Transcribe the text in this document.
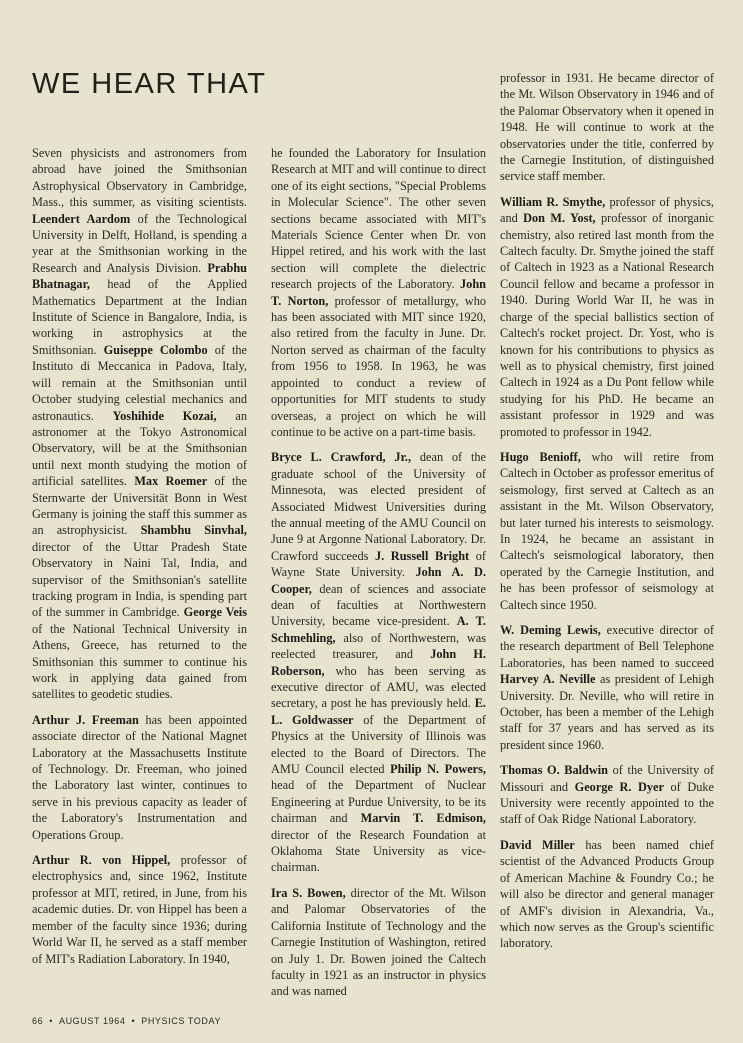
WE HEAR THAT

Seven physicists and astronomers from abroad have joined the Smithsonian Astrophysical Observatory in Cambridge, Mass., this summer, as visiting scientists. Leendert Aardom of the Technological University in Delft, Holland, is spending a year at the Smithsonian working in the Research and Analysis Division. Prabhu Bhatnagar, head of the Applied Mathematics Department at the Indian Institute of Science in Bangalore, India, is working in astrophysics at the Smithsonian. Guiseppe Colombo of the Instituto di Meccanica in Padova, Italy, will remain at the Smithsonian until October studying celestial mechanics and astronautics. Yoshihide Kozai, an astronomer at the Tokyo Astronomical Observatory, will be at the Smithsonian until next month studying the motion of artificial satellites. Max Roemer of the Sternwarte der Universität Bonn in West Germany is joining the staff this summer as an astrophysicist. Shambhu Sinvhal, director of the Uttar Pradesh State Observatory in Naini Tal, India, and supervisor of the Smithsonian's satellite tracking program in India, is spending part of the summer in Cambridge. George Veis of the National Technical University in Athens, Greece, has returned to the Smithsonian this summer to continue his work in applying data gained from satellites to geodetic studies.

Arthur J. Freeman has been appointed associate director of the National Magnet Laboratory at the Massachusetts Institute of Technology. Dr. Freeman, who joined the Laboratory last winter, continues to serve in his previous capacity as leader of the Laboratory's Instrumentation and Operations Group.

Arthur R. von Hippel, professor of electrophysics and, since 1962, Institute professor at MIT, retired, in June, from his academic duties. Dr. von Hippel has been a member of the faculty since 1936; during World War II, he served as a staff member of MIT's Radiation Laboratory. In 1940,

he founded the Laboratory for Insulation Research at MIT and will continue to direct one of its eight sections, "Special Problems in Molecular Science". The other seven sections became associated with MIT's Materials Science Center when Dr. von Hippel retired, and his work with the last section will complete the dielectric research projects of the Laboratory. John T. Norton, professor of metallurgy, who has been associated with MIT since 1920, also retired from the faculty in June. Dr. Norton served as chairman of the faculty from 1956 to 1958. In 1963, he was appointed to conduct a review of opportunities for MIT students to study overseas, a project on which he will continue to be active on a part-time basis.

Bryce L. Crawford, Jr., dean of the graduate school of the University of Minnesota, was elected president of Associated Midwest Universities during the annual meeting of the AMU Council on June 9 at Argonne National Laboratory. Dr. Crawford succeeds J. Russell Bright of Wayne State University. John A. D. Cooper, dean of sciences and associate dean of faculties at Northwestern University, became vice-president. A. T. Schmehling, also of Northwestern, was reelected treasurer, and John H. Roberson, who has been serving as executive director of AMU, was elected secretary, a post he has previously held. E. L. Goldwasser of the Department of Physics at the University of Illinois was elected to the Board of Directors. The AMU Council elected Philip N. Powers, head of the Department of Nuclear Engineering at Purdue University, to be its chairman and Marvin T. Edmison, director of the Research Foundation at Oklahoma State University as vice-chairman.

Ira S. Bowen, director of the Mt. Wilson and Palomar Observatories of the California Institute of Technology and the Carnegie Institution of Washington, retired on July 1. Dr. Bowen joined the Caltech faculty in 1921 as an instructor in physics and was named

professor in 1931. He became director of the Mt. Wilson Observatory in 1946 and of the Palomar Observatory when it opened in 1948. He will continue to work at the observatories under the title, conferred by the Carnegie Institution, of distinguished service staff member.

William R. Smythe, professor of physics, and Don M. Yost, professor of inorganic chemistry, also retired last month from the Caltech faculty. Dr. Smythe joined the staff of Caltech in 1923 as a National Research Council fellow and became a professor in 1940. During World War II, he was in charge of the special ballistics section of Caltech's rocket project. Dr. Yost, who is known for his contributions to physics as well as to physical chemistry, first joined Caltech in 1924 as a Du Pont fellow while studying for his PhD. He became an assistant professor in 1929 and was promoted to professor in 1942.

Hugo Benioff, who will retire from Caltech in October as professor emeritus of seismology, first served at Caltech as an assistant in the Mt. Wilson Observatory, but later turned his interests to seismology. In 1924, he became an assistant in Caltech's seismological laboratory, then operated by the Carnegie Institution, and he has been professor of seismology at Caltech since 1950.

W. Deming Lewis, executive director of the research department of Bell Telephone Laboratories, has been named to succeed Harvey A. Neville as president of Lehigh University. Dr. Neville, who will retire in October, has been a member of the Lehigh staff for 37 years and has served as its president since 1960.

Thomas O. Baldwin of the University of Missouri and George R. Dyer of Duke University were recently appointed to the staff of Oak Ridge National Laboratory.

David Miller has been named chief scientist of the Advanced Products Group of American Machine & Foundry Co.; he will also be director and general manager of AMF's division in Alexandria, Va., which now serves as the Group's scientific laboratory.

66 • AUGUST 1964 • PHYSICS TODAY
